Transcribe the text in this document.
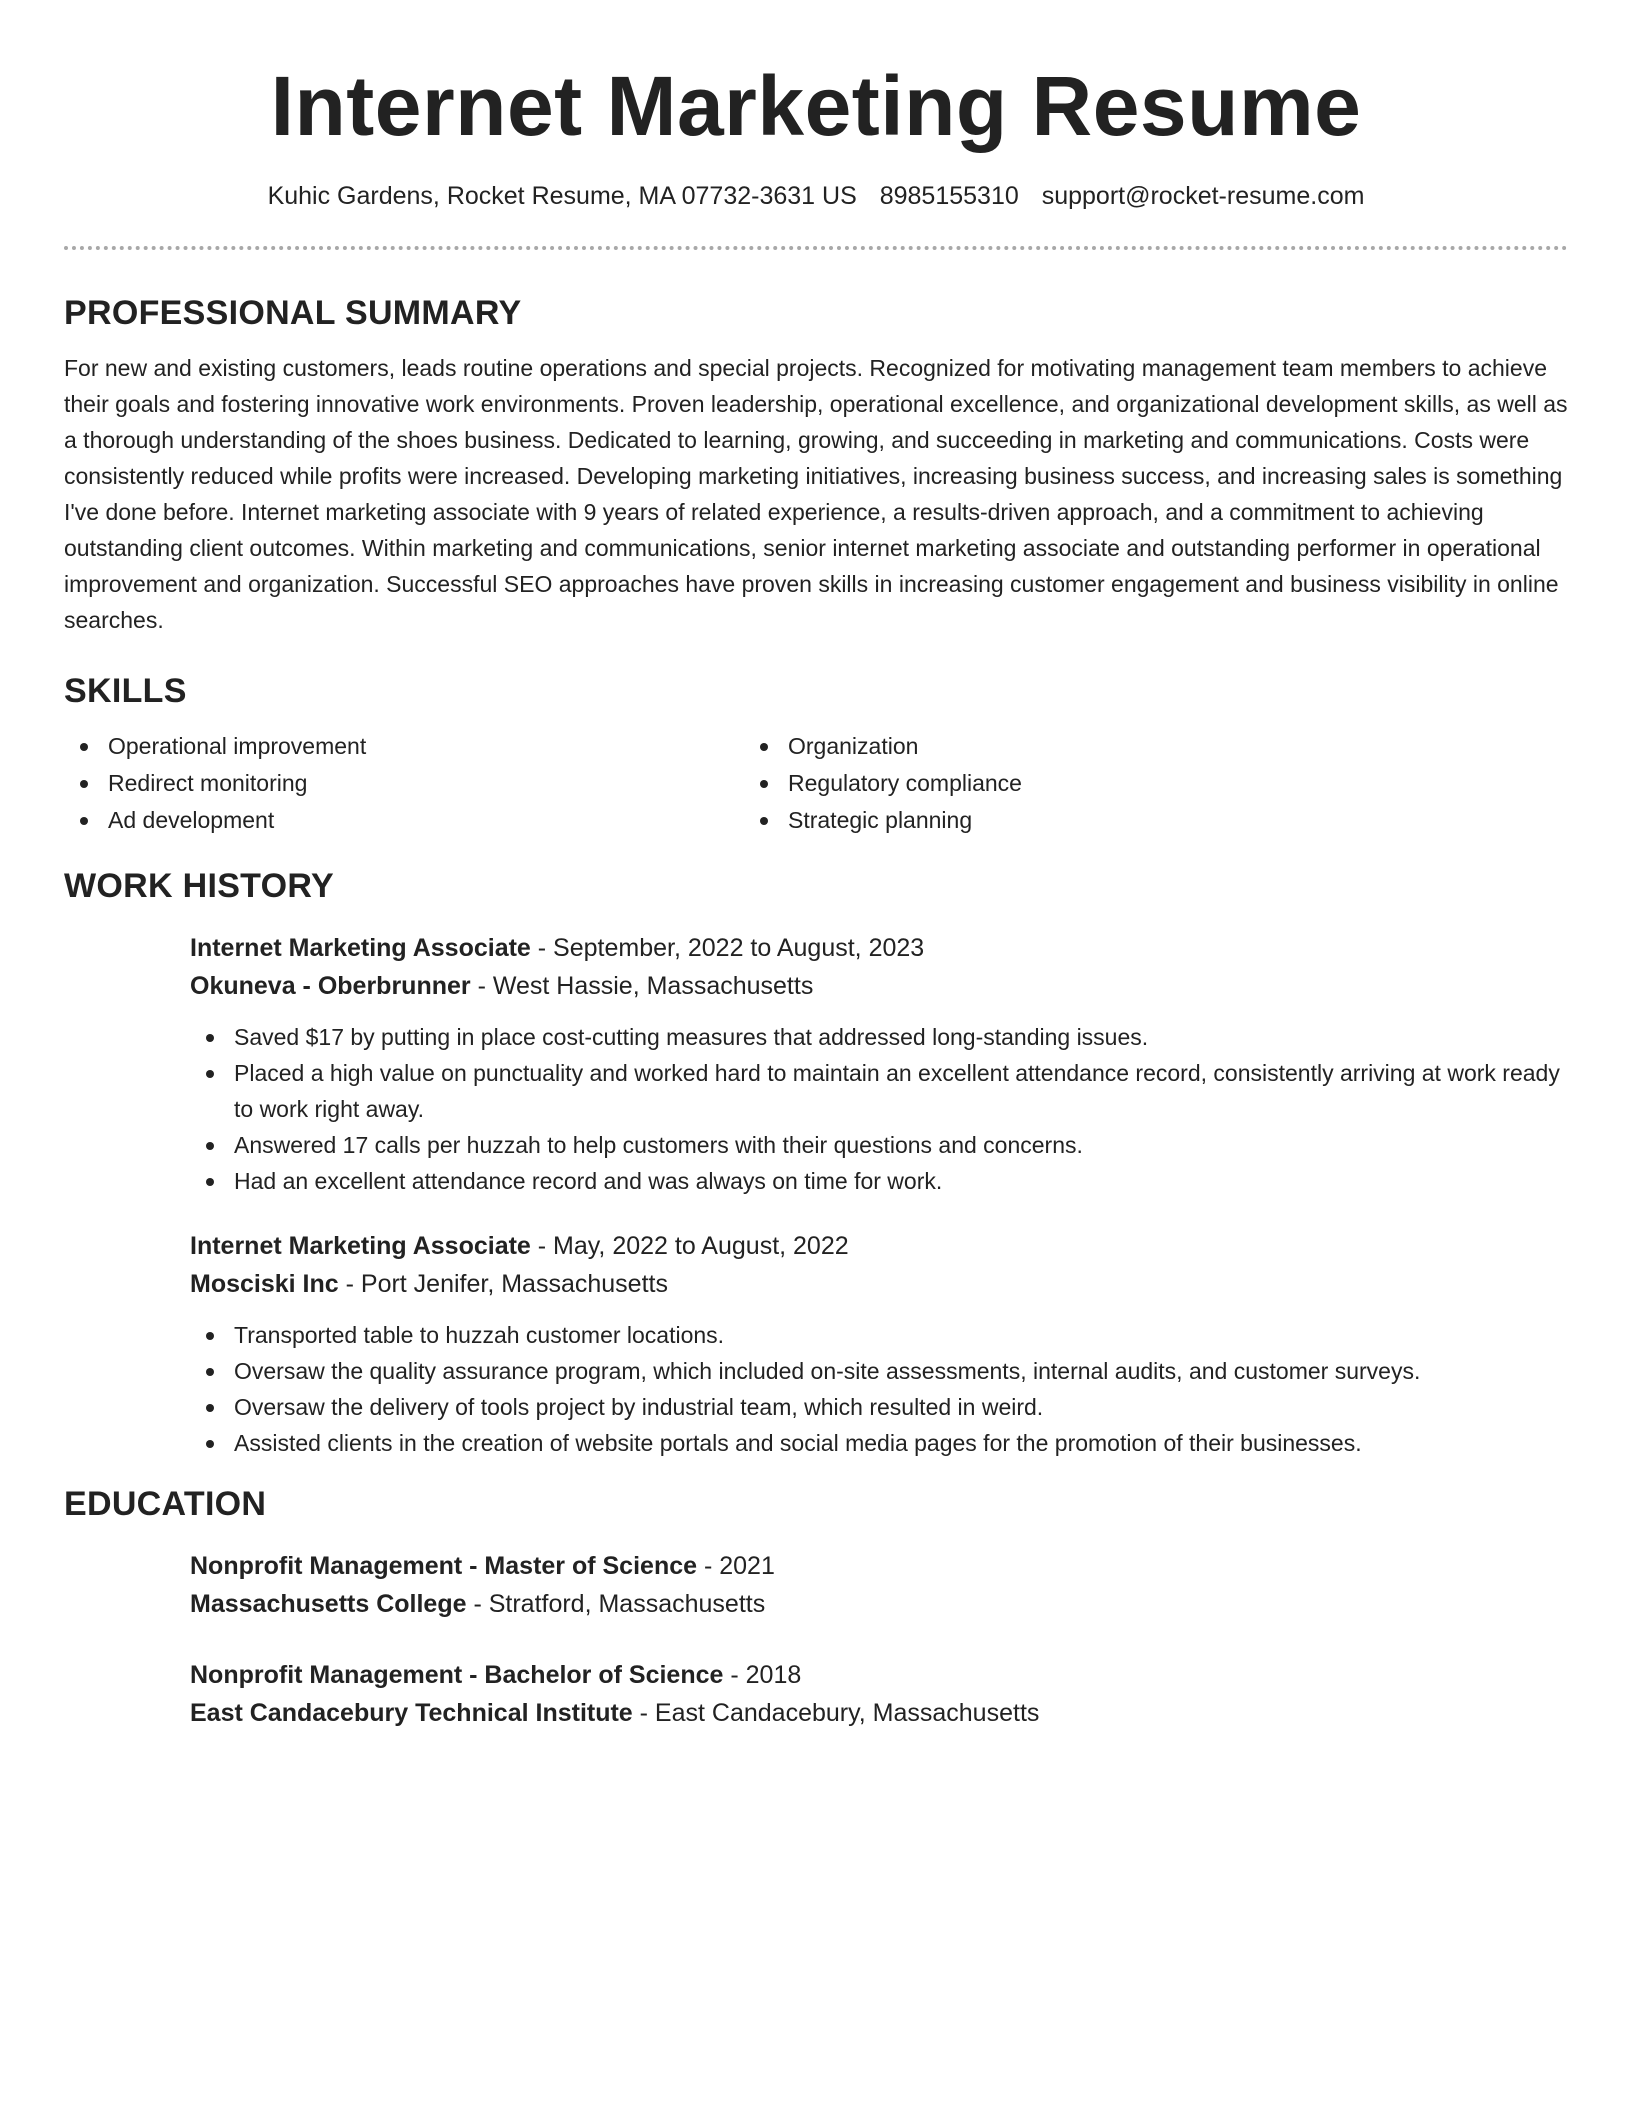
Internet Marketing Resume
Kuhic Gardens, Rocket Resume, MA 07732-3631 US 8985155310 support@rocket-resume.com
PROFESSIONAL SUMMARY

For new and existing customers, leads routine operations and special projects. Recognized for motivating management team members to achieve their goals and fostering innovative work environments. Proven leadership, operational excellence, and organizational development skills, as well as a thorough understanding of the shoes business. Dedicated to learning, growing, and succeeding in marketing and communications. Costs were consistently reduced while profits were increased. Developing marketing initiatives, increasing business success, and increasing sales is something I've done before. Internet marketing associate with 9 years of related experience, a results-driven approach, and a commitment to achieving outstanding client outcomes. Within marketing and communications, senior internet marketing associate and outstanding performer in operational improvement and organization. Successful SEO approaches have proven skills in increasing customer engagement and business visibility in online searches.

SKILLS
Operational improvement	Organization
Redirect monitoring	Regulatory compliance
Ad development	Strategic planning
WORK HISTORY
Internet Marketing Associate - September, 2022 to August, 2023
Okuneva - Oberbrunner - West Hassie, Massachusetts
Saved $17 by putting in place cost-cutting measures that addressed long-standing issues.
Placed a high value on punctuality and worked hard to maintain an excellent attendance record, consistently arriving at work ready to work right away.
Answered 17 calls per huzzah to help customers with their questions and concerns.
Had an excellent attendance record and was always on time for work.
Internet Marketing Associate - May, 2022 to August, 2022
Mosciski Inc - Port Jenifer, Massachusetts
Transported table to huzzah customer locations.
Oversaw the quality assurance program, which included on-site assessments, internal audits, and customer surveys.
Oversaw the delivery of tools project by industrial team, which resulted in weird.
Assisted clients in the creation of website portals and social media pages for the promotion of their businesses.
EDUCATION
Nonprofit Management - Master of Science - 2021
Massachusetts College - Stratford, Massachusetts
Nonprofit Management - Bachelor of Science - 2018
East Candacebury Technical Institute - East Candacebury, Massachusetts
